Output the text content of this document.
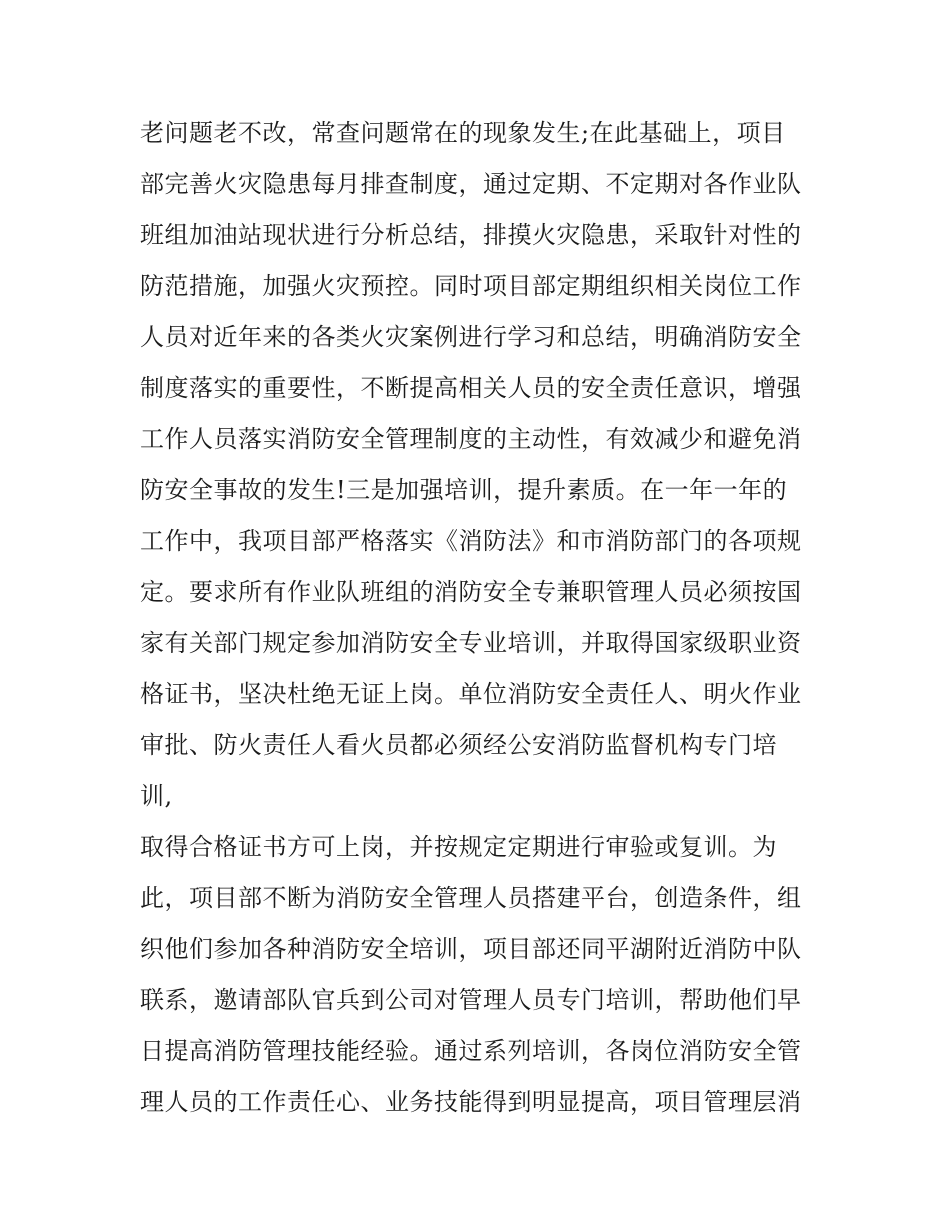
老问题老不改，常查问题常在的现象发生;在此基础上，项目
部完善火灾隐患每月排查制度，通过定期、不定期对各作业队
班组加油站现状进行分析总结，排摸火灾隐患，采取针对性的
防范措施，加强火灾预控。同时项目部定期组织相关岗位工作
人员对近年来的各类火灾案例进行学习和总结，明确消防安全
制度落实的重要性，不断提高相关人员的安全责任意识，增强
工作人员落实消防安全管理制度的主动性，有效减少和避免消
防安全事故的发生!三是加强培训，提升素质。在一年一年的
工作中，我项目部严格落实《消防法》和市消防部门的各项规
定。要求所有作业队班组的消防安全专兼职管理人员必须按国
家有关部门规定参加消防安全专业培训，并取得国家级职业资
格证书，坚决杜绝无证上岗。单位消防安全责任人、明火作业
审批、防火责任人看火员都必须经公安消防监督机构专门培
训,
取得合格证书方可上岗，并按规定定期进行审验或复训。为
此，项目部不断为消防安全管理人员搭建平台，创造条件，组
织他们参加各种消防安全培训，项目部还同平湖附近消防中队
联系，邀请部队官兵到公司对管理人员专门培训，帮助他们早
日提高消防管理技能经验。通过系列培训，各岗位消防安全管
理人员的工作责任心、业务技能得到明显提高，项目管理层消
